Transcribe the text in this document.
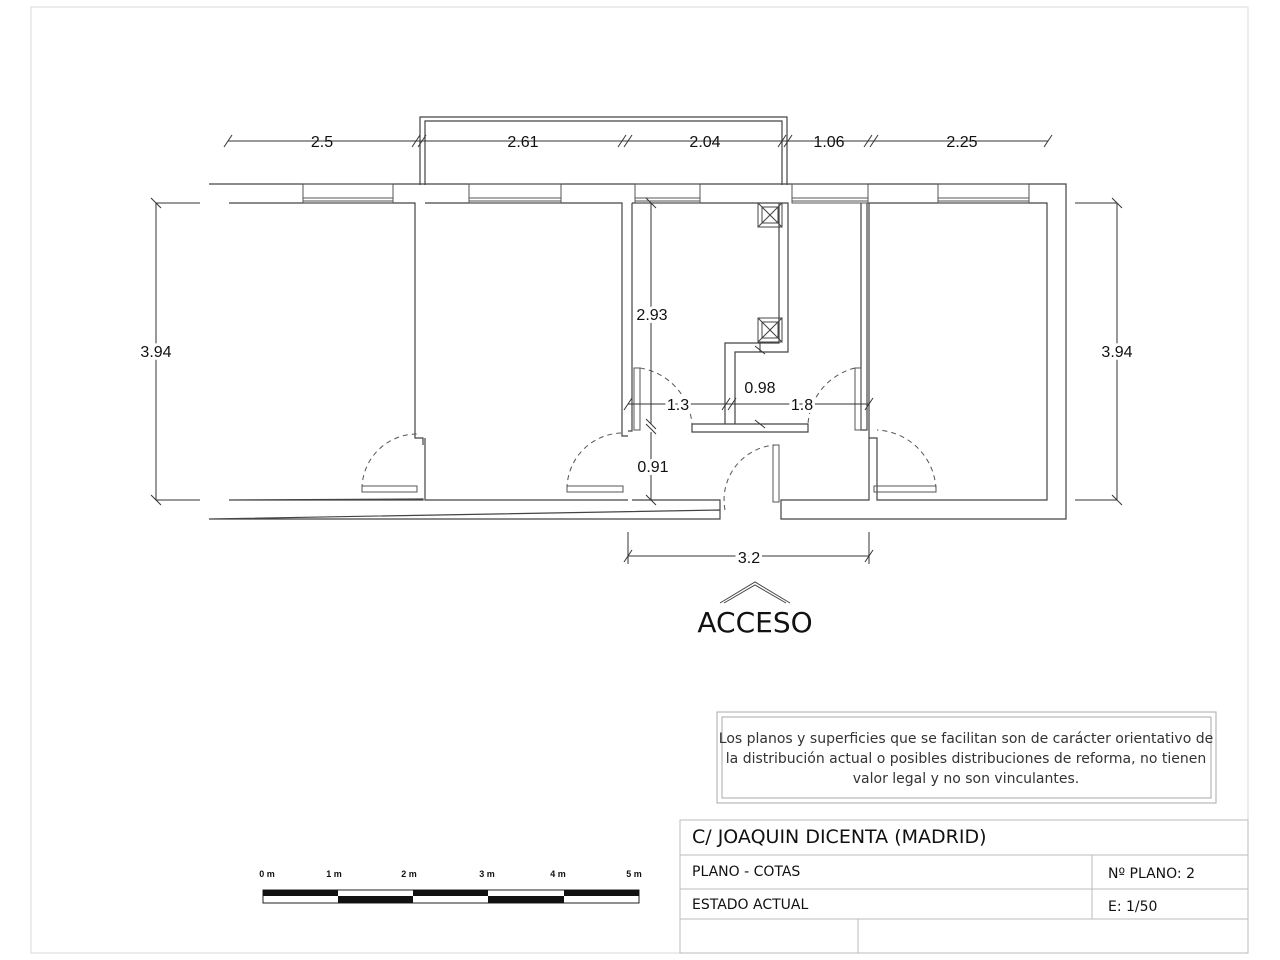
2.5	2.61	2.04	1.06	2.25
3.94	3.94
2.93
1.3
0.98
1.8
0.91
3.2
ACCESO
Los planos y superficies que se facilitan son de carácter orientativo de
la distribución actual o posibles distribuciones de reforma, no tienen
valor legal y no son vinculantes.
C/ JOAQUIN DICENTA (MADRID)
PLANO - COTAS	Nº PLANO: 2
ESTADO ACTUAL	E: 1/50
0 m	1 m	2 m	3 m	4 m	5 m
